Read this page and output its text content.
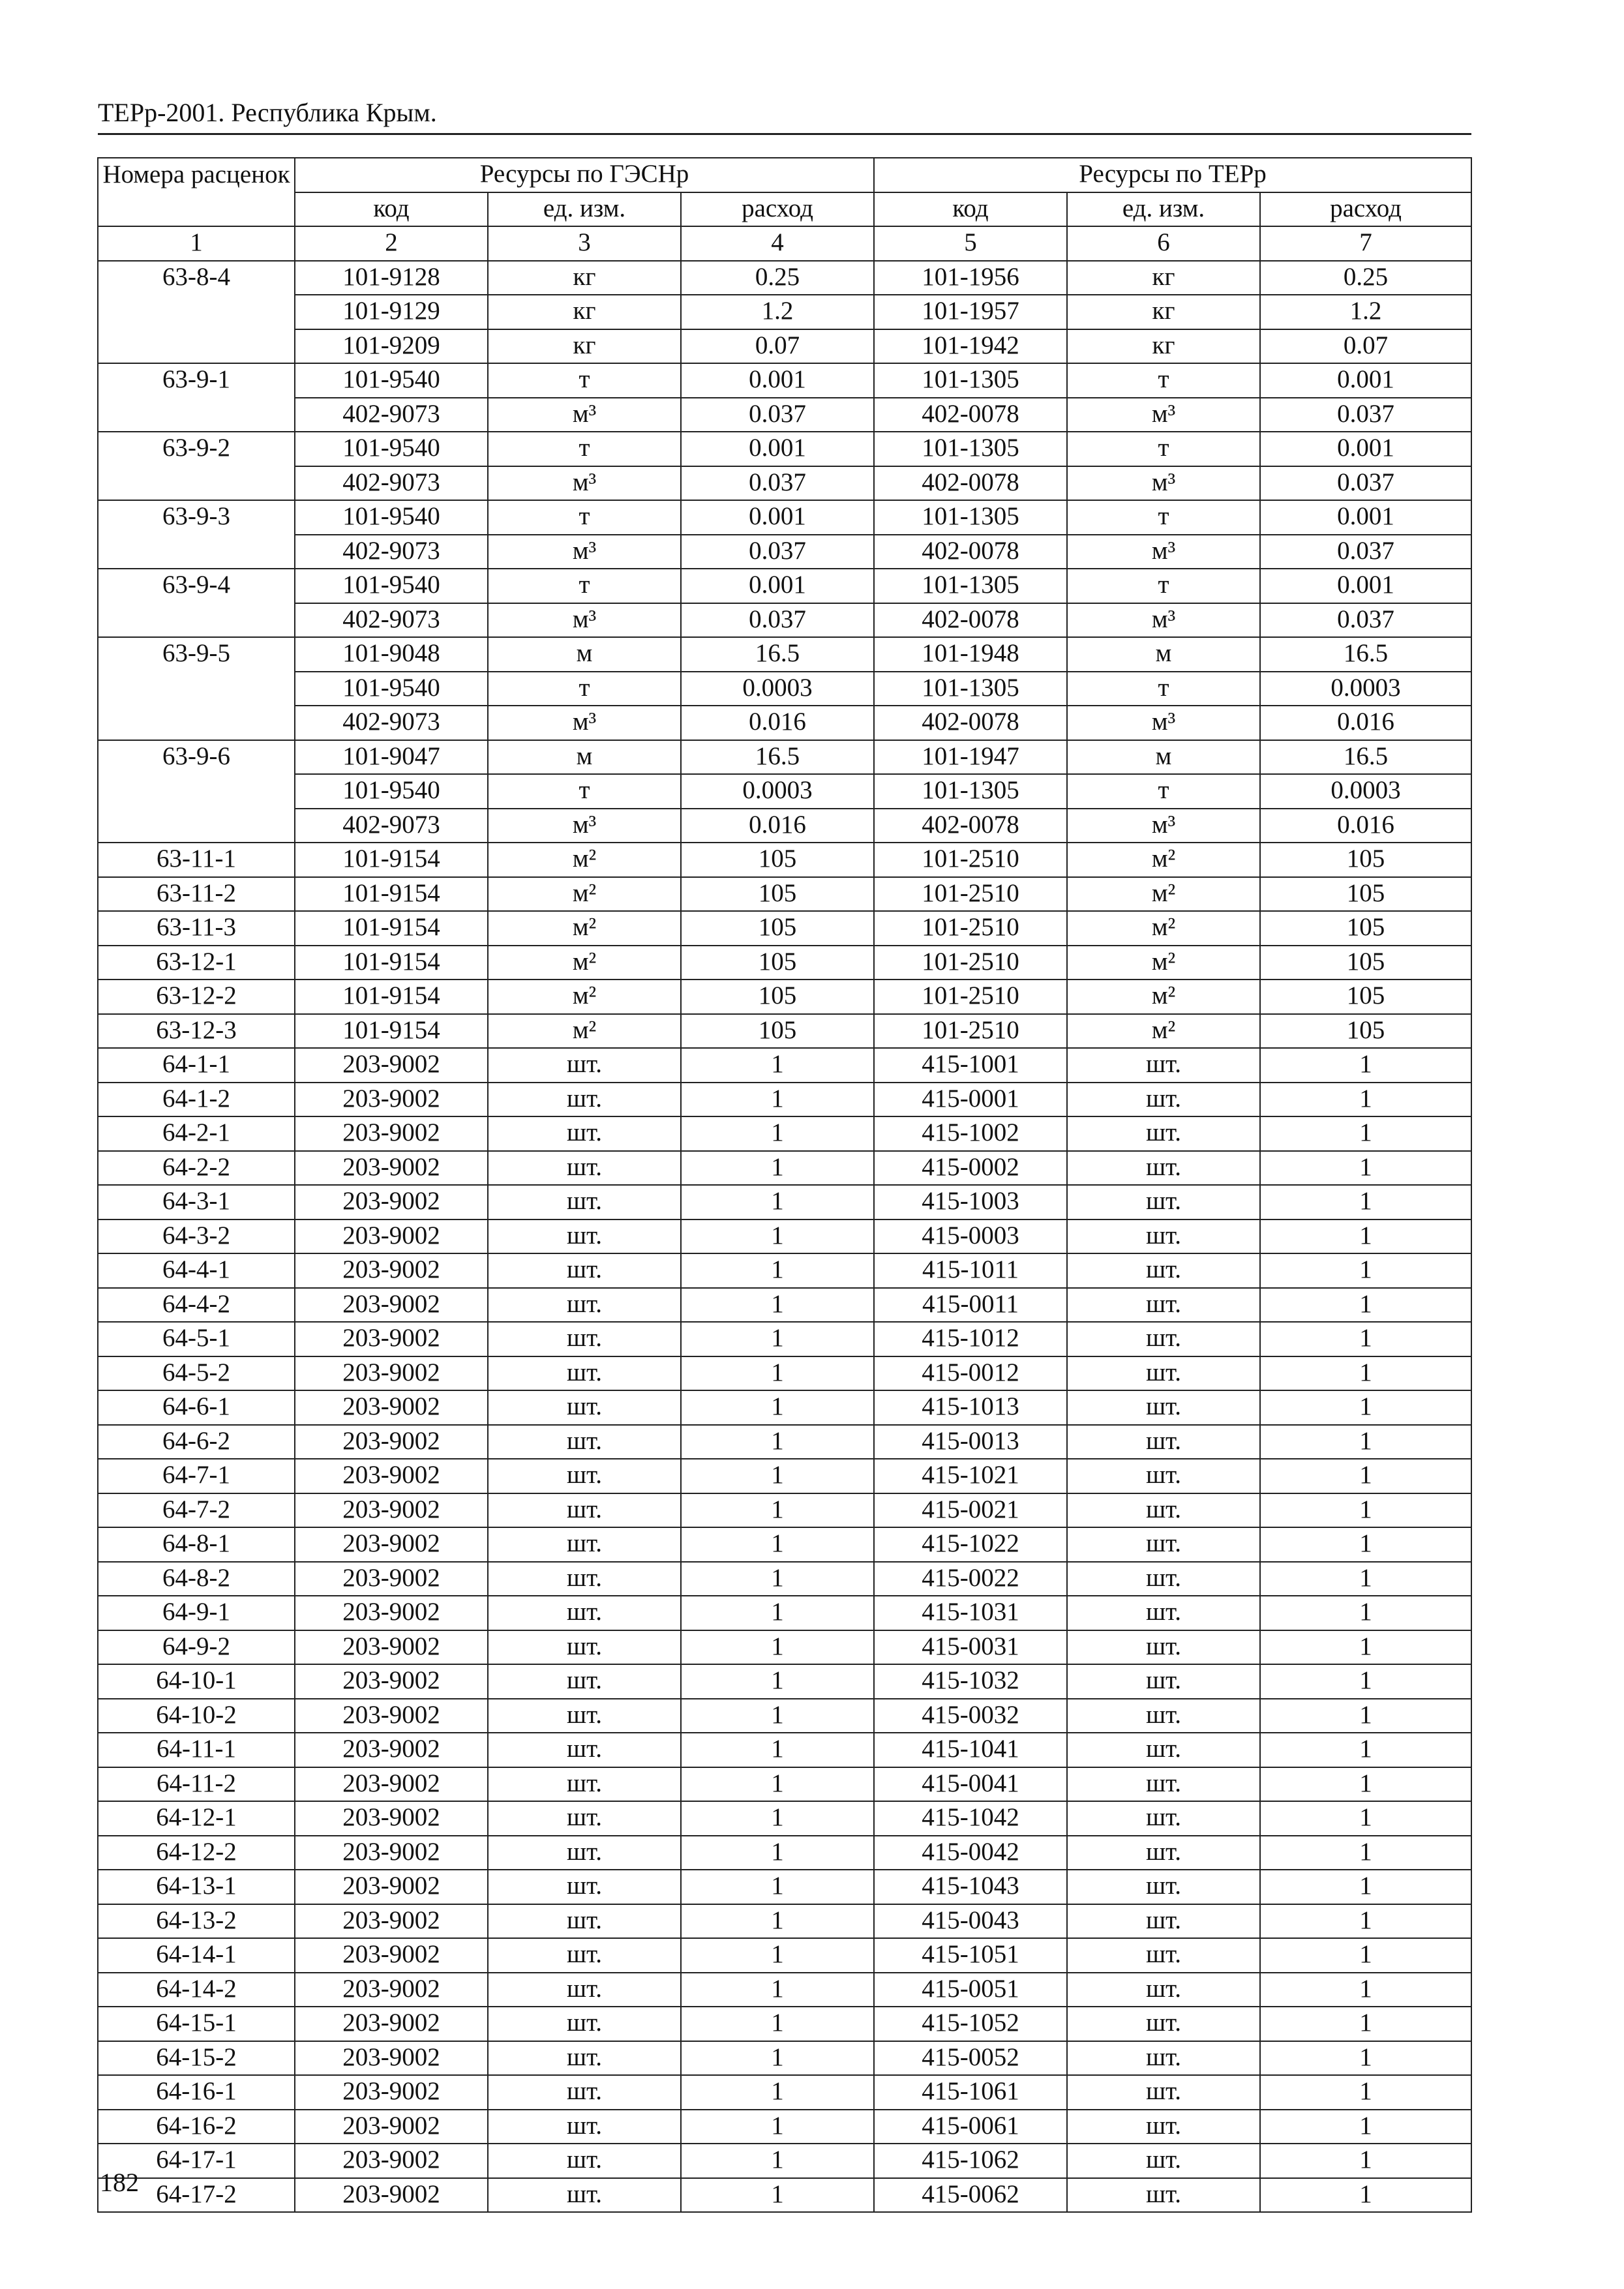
ТЕРр-2001. Республика Крым.
Номера расценок	Ресурсы по ГЭСНр			Ресурсы по ТЕРр		
	код	ед. изм.	расход	код	ед. изм.	расход
1	2	3	4	5	6	7
63-8-4	101-9128	кг	0.25	101-1956	кг	0.25
	101-9129	кг	1.2	101-1957	кг	1.2
	101-9209	кг	0.07	101-1942	кг	0.07
63-9-1	101-9540	т	0.001	101-1305	т	0.001
	402-9073	м³	0.037	402-0078	м³	0.037
63-9-2	101-9540	т	0.001	101-1305	т	0.001
	402-9073	м³	0.037	402-0078	м³	0.037
63-9-3	101-9540	т	0.001	101-1305	т	0.001
	402-9073	м³	0.037	402-0078	м³	0.037
63-9-4	101-9540	т	0.001	101-1305	т	0.001
	402-9073	м³	0.037	402-0078	м³	0.037
63-9-5	101-9048	м	16.5	101-1948	м	16.5
	101-9540	т	0.0003	101-1305	т	0.0003
	402-9073	м³	0.016	402-0078	м³	0.016
63-9-6	101-9047	м	16.5	101-1947	м	16.5
	101-9540	т	0.0003	101-1305	т	0.0003
	402-9073	м³	0.016	402-0078	м³	0.016
63-11-1	101-9154	м²	105	101-2510	м²	105
63-11-2	101-9154	м²	105	101-2510	м²	105
63-11-3	101-9154	м²	105	101-2510	м²	105
63-12-1	101-9154	м²	105	101-2510	м²	105
63-12-2	101-9154	м²	105	101-2510	м²	105
63-12-3	101-9154	м²	105	101-2510	м²	105
64-1-1	203-9002	шт.	1	415-1001	шт.	1
64-1-2	203-9002	шт.	1	415-0001	шт.	1
64-2-1	203-9002	шт.	1	415-1002	шт.	1
64-2-2	203-9002	шт.	1	415-0002	шт.	1
64-3-1	203-9002	шт.	1	415-1003	шт.	1
64-3-2	203-9002	шт.	1	415-0003	шт.	1
64-4-1	203-9002	шт.	1	415-1011	шт.	1
64-4-2	203-9002	шт.	1	415-0011	шт.	1
64-5-1	203-9002	шт.	1	415-1012	шт.	1
64-5-2	203-9002	шт.	1	415-0012	шт.	1
64-6-1	203-9002	шт.	1	415-1013	шт.	1
64-6-2	203-9002	шт.	1	415-0013	шт.	1
64-7-1	203-9002	шт.	1	415-1021	шт.	1
64-7-2	203-9002	шт.	1	415-0021	шт.	1
64-8-1	203-9002	шт.	1	415-1022	шт.	1
64-8-2	203-9002	шт.	1	415-0022	шт.	1
64-9-1	203-9002	шт.	1	415-1031	шт.	1
64-9-2	203-9002	шт.	1	415-0031	шт.	1
64-10-1	203-9002	шт.	1	415-1032	шт.	1
64-10-2	203-9002	шт.	1	415-0032	шт.	1
64-11-1	203-9002	шт.	1	415-1041	шт.	1
64-11-2	203-9002	шт.	1	415-0041	шт.	1
64-12-1	203-9002	шт.	1	415-1042	шт.	1
64-12-2	203-9002	шт.	1	415-0042	шт.	1
64-13-1	203-9002	шт.	1	415-1043	шт.	1
64-13-2	203-9002	шт.	1	415-0043	шт.	1
64-14-1	203-9002	шт.	1	415-1051	шт.	1
64-14-2	203-9002	шт.	1	415-0051	шт.	1
64-15-1	203-9002	шт.	1	415-1052	шт.	1
64-15-2	203-9002	шт.	1	415-0052	шт.	1
64-16-1	203-9002	шт.	1	415-1061	шт.	1
64-16-2	203-9002	шт.	1	415-0061	шт.	1
64-17-1	203-9002	шт.	1	415-1062	шт.	1
64-17-2	203-9002	шт.	1	415-0062	шт.	1
182
